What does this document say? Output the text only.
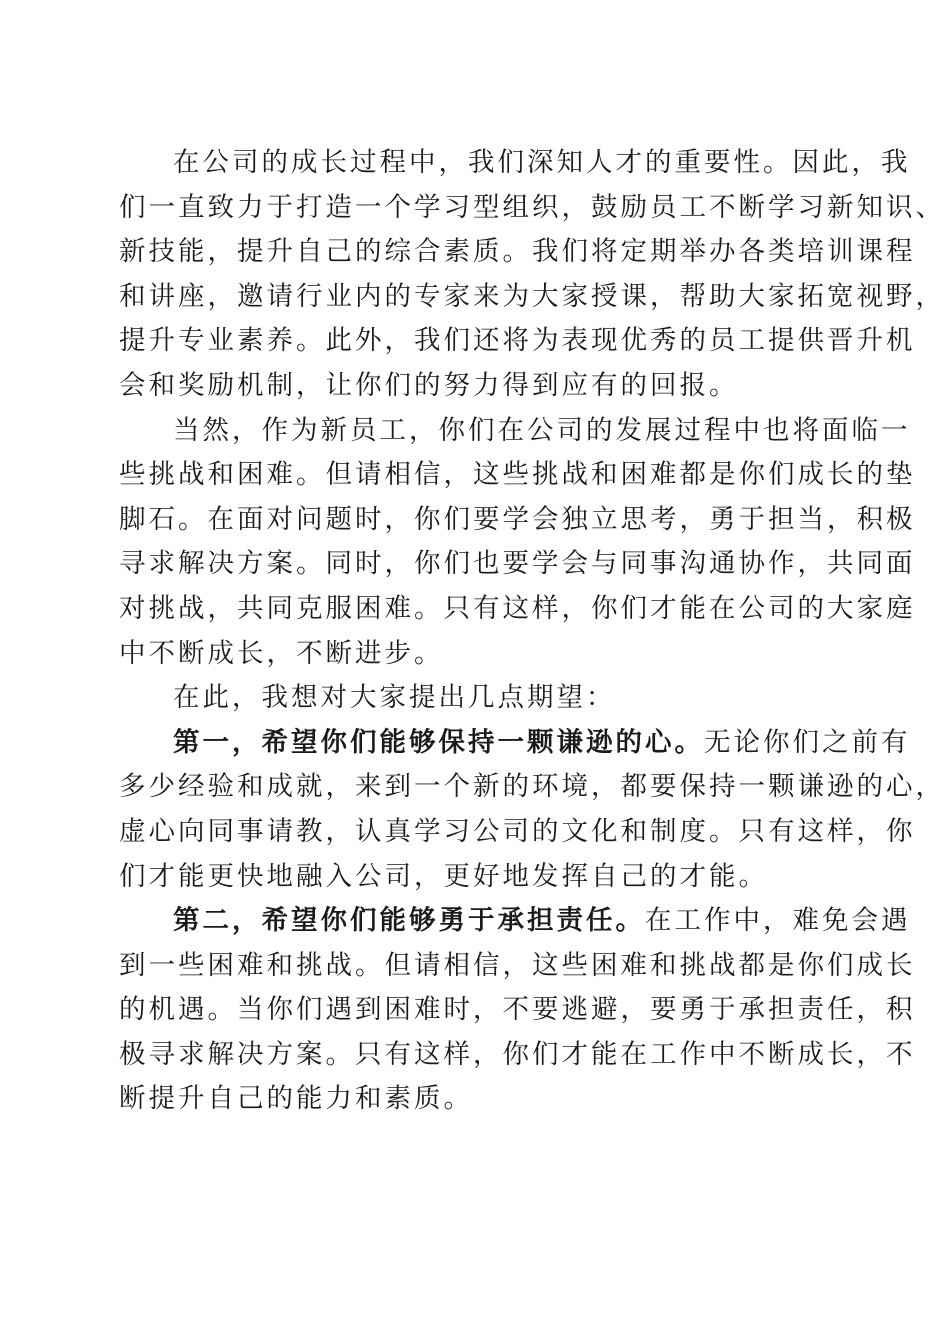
在公司的成长过程中，我们深知人才的重要性。因此，我
们一直致力于打造一个学习型组织，鼓励员工不断学习新知识、
新技能，提升自己的综合素质。我们将定期举办各类培训课程
和讲座，邀请行业内的专家来为大家授课，帮助大家拓宽视野，
提升专业素养。此外，我们还将为表现优秀的员工提供晋升机
会和奖励机制，让你们的努力得到应有的回报。
当然，作为新员工，你们在公司的发展过程中也将面临一
些挑战和困难。但请相信，这些挑战和困难都是你们成长的垫
脚石。在面对问题时，你们要学会独立思考，勇于担当，积极
寻求解决方案。同时，你们也要学会与同事沟通协作，共同面
对挑战，共同克服困难。只有这样，你们才能在公司的大家庭
中不断成长，不断进步。
在此，我想对大家提出几点期望：
第一，希望你们能够保持一颗谦逊的心。无论你们之前有
多少经验和成就，来到一个新的环境，都要保持一颗谦逊的心，
虚心向同事请教，认真学习公司的文化和制度。只有这样，你
们才能更快地融入公司，更好地发挥自己的才能。
第二，希望你们能够勇于承担责任。在工作中，难免会遇
到一些困难和挑战。但请相信，这些困难和挑战都是你们成长
的机遇。当你们遇到困难时，不要逃避，要勇于承担责任，积
极寻求解决方案。只有这样，你们才能在工作中不断成长，不
断提升自己的能力和素质。
